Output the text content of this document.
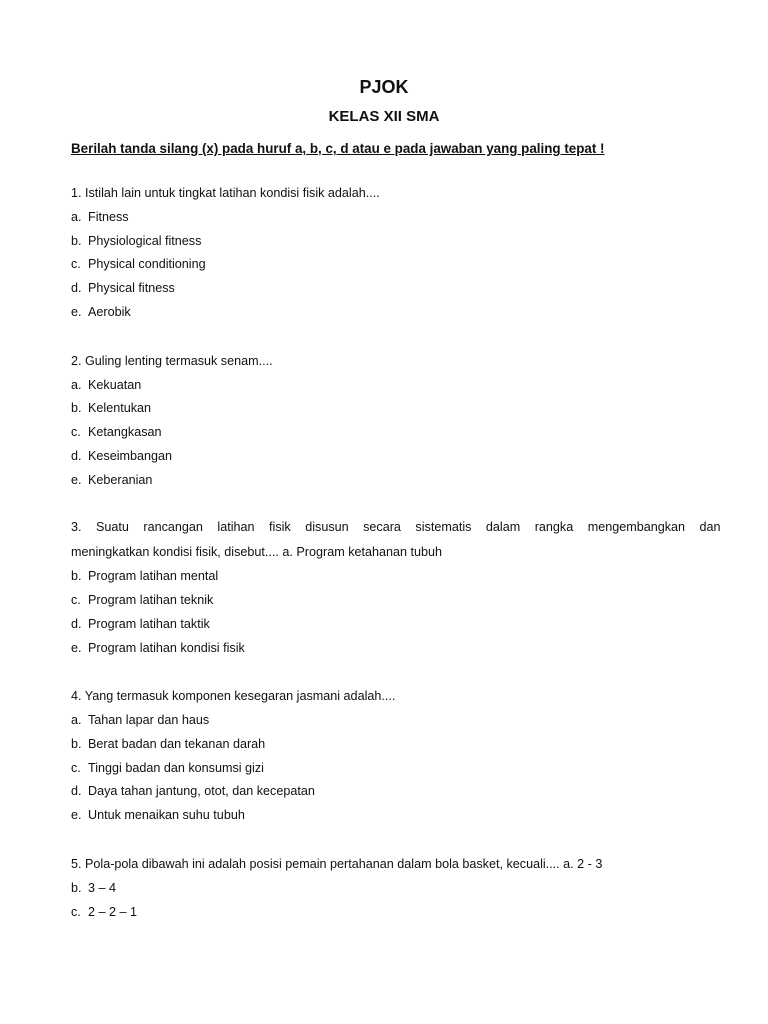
PJOK
KELAS XII SMA

Berilah tanda silang (x) pada huruf a, b, c, d atau e pada jawaban yang paling tepat !

1. Istilah lain untuk tingkat latihan kondisi fisik adalah....

a. Fitness

b. Physiological fitness

c. Physical conditioning

d. Physical fitness

e. Aerobik

2. Guling lenting termasuk senam....

a. Kekuatan

b. Kelentukan

c. Ketangkasan

d. Keseimbangan

e. Keberanian

3. Suatu rancangan latihan fisik disusun secara sistematis dalam rangka mengembangkan dan

meningkatkan kondisi fisik, disebut.... a. Program ketahanan tubuh

b. Program latihan mental

c. Program latihan teknik

d. Program latihan taktik

e. Program latihan kondisi fisik

4. Yang termasuk komponen kesegaran jasmani adalah....

a. Tahan lapar dan haus

b. Berat badan dan tekanan darah

c. Tinggi badan dan konsumsi gizi

d. Daya tahan jantung, otot, dan kecepatan

e. Untuk menaikan suhu tubuh

5. Pola-pola dibawah ini adalah posisi pemain pertahanan dalam bola basket, kecuali.... a. 2 - 3

b. 3 – 4

c. 2 – 2 – 1
